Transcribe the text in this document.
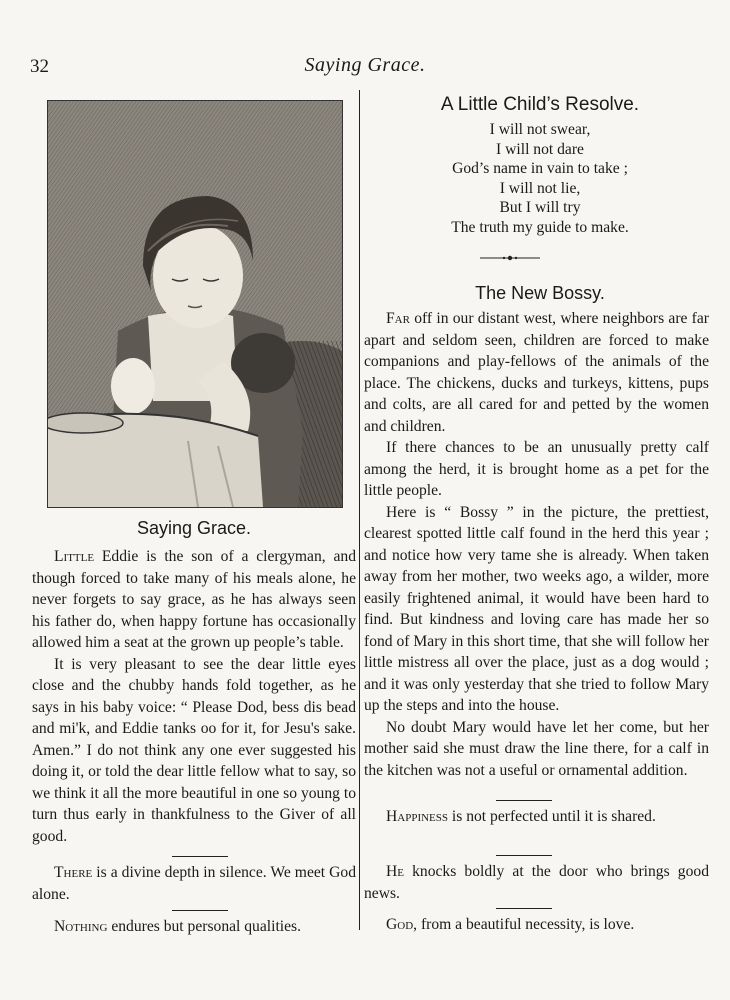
32	Saying Grace.
Saying Grace.

Little Eddie is the son of a clergyman, and though forced to take many of his meals alone, he never forgets to say grace, as he has always seen his father do, when happy fortune has occasionally allowed him a seat at the grown up people’s table.

It is very pleasant to see the dear little eyes close and the chubby hands fold together, as he says in his baby voice: “ Please Dod, bess dis bead and mi'k, and Eddie tanks oo for it, for Jesu's sake. Amen.” I do not think any one ever suggested his doing it, or told the dear little fellow what to say, so we think it all the more beautiful in one so young to turn thus early in thankfulness to the Giver of all good.

There is a divine depth in silence. We meet God alone.

Nothing endures but personal qualities.

A Little Child’s Resolve.
I will not swear,
I will not dare
God’s name in vain to take ;
I will not lie,
But I will try
The truth my guide to make.
The New Bossy.

Far off in our distant west, where neighbors are far apart and seldom seen, children are forced to make companions and play-fellows of the animals of the place. The chickens, ducks and turkeys, kittens, pups and colts, are all cared for and petted by the women and children.

If there chances to be an unusually pretty calf among the herd, it is brought home as a pet for the little people.

Here is “ Bossy ” in the picture, the prettiest, clearest spotted little calf found in the herd this year ; and notice how very tame she is already. When taken away from her mother, two weeks ago, a wilder, more easily frightened animal, it would have been hard to find. But kindness and loving care has made her so fond of Mary in this short time, that she will follow her little mistress all over the place, just as a dog would ; and it was only yesterday that she tried to follow Mary up the steps and into the house.

No doubt Mary would have let her come, but her mother said she must draw the line there, for a calf in the kitchen was not a useful or ornamental addition.

Happiness is not perfected until it is shared.

He knocks boldly at the door who brings good news.

God, from a beautiful necessity, is love.
